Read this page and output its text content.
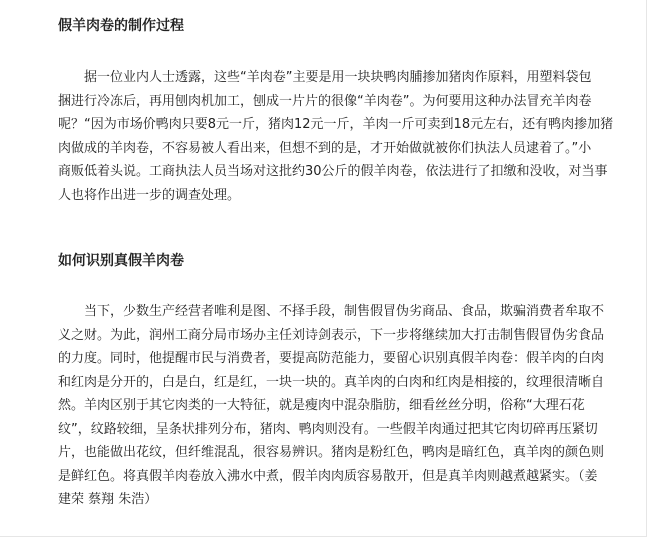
假羊肉卷的制作过程

据一位业内人士透露，这些“羊肉卷”主要是用一块块鸭肉脯掺加猪肉作原料，用塑料袋包
捆进行冷冻后，再用刨肉机加工，刨成一片片的很像“羊肉卷”。为何要用这种办法冒充羊肉卷
呢？“因为市场价鸭肉只要8元一斤，猪肉12元一斤，羊肉一斤可卖到18元左右，还有鸭肉掺加猪
肉做成的羊肉卷，不容易被人看出来，但想不到的是，才开始做就被你们执法人员逮着了。”小
商贩低着头说。工商执法人员当场对这批约30公斤的假羊肉卷，依法进行了扣缴和没收，对当事
人也将作出进一步的调查处理。

如何识别真假羊肉卷

当下，少数生产经营者唯利是图、不择手段，制售假冒伪劣商品、食品，欺骗消费者牟取不
义之财。为此，润州工商分局市场办主任刘诗剑表示，下一步将继续加大打击制售假冒伪劣食品
的力度。同时，他提醒市民与消费者，要提高防范能力，要留心识别真假羊肉卷：假羊肉的白肉
和红肉是分开的，白是白，红是红，一块一块的。真羊肉的白肉和红肉是相接的，纹理很清晰自
然。羊肉区别于其它肉类的一大特征，就是瘦肉中混杂脂肪，细看丝丝分明，俗称“大理石花
纹”，纹路较细，呈条状排列分布，猪肉、鸭肉则没有。一些假羊肉通过把其它肉切碎再压紧切
片，也能做出花纹，但纤维混乱，很容易辨识。猪肉是粉红色，鸭肉是暗红色，真羊肉的颜色则
是鲜红色。将真假羊肉卷放入沸水中煮，假羊肉肉质容易散开，但是真羊肉则越煮越紧实。（姜
建荣 蔡翔 朱浩）
